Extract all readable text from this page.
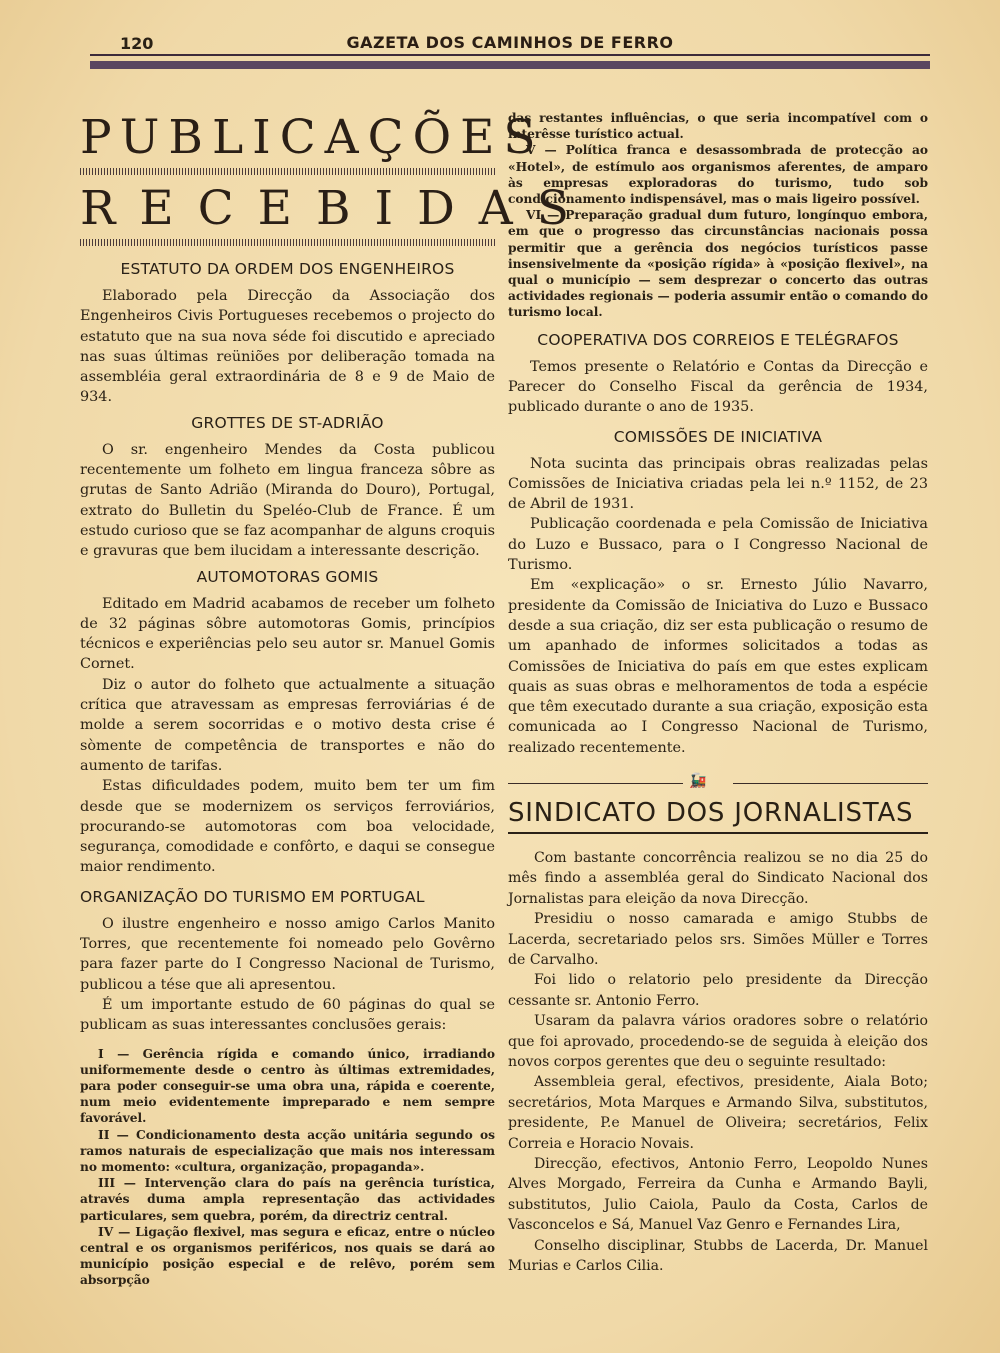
120	GAZETA DOS CAMINHOS DE FERRO
PUBLICAÇÕES
RECEBIDAS
ESTATUTO DA ORDEM DOS ENGENHEIROS

Elaborado pela Direcção da Associação dos Engenheiros Civis Portugueses recebemos o projecto do estatuto que na sua nova séde foi discutido e apreciado nas suas últimas reüniões por deliberação tomada na assembléia geral extraordinária de 8 e 9 de Maio de 934.

GROTTES DE ST-ADRIÃO

O sr. engenheiro Mendes da Costa publicou recentemente um folheto em lingua franceza sôbre as grutas de Santo Adrião (Miranda do Douro), Portugal, extrato do Bulletin du Speléo-Club de France. É um estudo curioso que se faz acompanhar de alguns croquis e gravuras que bem ilucidam a interessante descrição.

AUTOMOTORAS GOMIS

Editado em Madrid acabamos de receber um folheto de 32 páginas sôbre automotoras Gomis, princípios técnicos e experiências pelo seu autor sr. Manuel Gomis Cornet.

Diz o autor do folheto que actualmente a situação crítica que atravessam as empresas ferroviárias é de molde a serem socorridas e o motivo desta crise é sòmente de competência de transportes e não do aumento de tarifas.

Estas dificuldades podem, muito bem ter um fim desde que se modernizem os serviços ferroviários, procurando-se automotoras com boa velocidade, segurança, comodidade e confôrto, e daqui se consegue maior rendimento.

ORGANIZAÇÃO DO TURISMO EM PORTUGAL

O ilustre engenheiro e nosso amigo Carlos Manito Torres, que recentemente foi nomeado pelo Govêrno para fazer parte do I Congresso Nacional de Turismo, publicou a tése que ali apresentou.

É um importante estudo de 60 páginas do qual se publicam as suas interessantes conclusões gerais:

I — Gerência rígida e comando único, irradiando uniformemente desde o centro às últimas extremidades, para poder conseguir-se uma obra una, rápida e coerente, num meio evidentemente impreparado e nem sempre favorável.

II — Condicionamento desta acção unitária segundo os ramos naturais de especialização que mais nos interessam no momento: «cultura, organização, propaganda».

III — Intervenção clara do país na gerência turística, através duma ampla representação das actividades particulares, sem quebra, porém, da directriz central.

IV — Ligação flexivel, mas segura e eficaz, entre o núcleo central e os organismos periféricos, nos quais se dará ao município posição especial e de relêvo, porém sem absorpção

das restantes influências, o que seria incompatível com o interêsse turístico actual.

V — Política franca e desassombrada de protecção ao «Hotel», de estímulo aos organismos aferentes, de amparo às empresas exploradoras do turismo, tudo sob condicionamento indispensável, mas o mais ligeiro possível.

VI — Preparação gradual dum futuro, longínquo embora, em que o progresso das circunstâncias nacionais possa permitir que a gerência dos negócios turísticos passe insensivelmente da «posição rígida» à «posição flexivel», na qual o município — sem desprezar o concerto das outras actividades regionais — poderia assumir então o comando do turismo local.

COOPERATIVA DOS CORREIOS E TELÉGRAFOS

Temos presente o Relatório e Contas da Direcção e Parecer do Conselho Fiscal da gerência de 1934, publicado durante o ano de 1935.

COMISSÕES DE INICIATIVA

Nota sucinta das principais obras realizadas pelas Comissões de Iniciativa criadas pela lei n.º 1152, de 23 de Abril de 1931.

Publicação coordenada e pela Comissão de Iniciativa do Luzo e Bussaco, para o I Congresso Nacional de Turismo.

Em «explicação» o sr. Ernesto Júlio Navarro, presidente da Comissão de Iniciativa do Luzo e Bussaco desde a sua criação, diz ser esta publicação o resumo de um apanhado de informes solicitados a todas as Comissões de Iniciativa do país em que estes explicam quais as suas obras e melhoramentos de toda a espécie que têm executado durante a sua criação, exposição esta comunicada ao I Congresso Nacional de Turismo, realizado recentemente.

🚂
SINDICATO DOS JORNALISTAS

Com bastante concorrência realizou se no dia 25 do mês findo a assembléa geral do Sindicato Nacional dos Jornalistas para eleição da nova Direcção.

Presidiu o nosso camarada e amigo Stubbs de Lacerda, secretariado pelos srs. Simões Müller e Torres de Carvalho.

Foi lido o relatorio pelo presidente da Direcção cessante sr. Antonio Ferro.

Usaram da palavra vários oradores sobre o relatório que foi aprovado, procedendo-se de seguida à eleição dos novos corpos gerentes que deu o seguinte resultado:

Assembleia geral, efectivos, presidente, Aiala Boto; secretários, Mota Marques e Armando Silva, substitutos, presidente, P.e Manuel de Oliveira; secretários, Felix Correia e Horacio Novais.

Direcção, efectivos, Antonio Ferro, Leopoldo Nunes Alves Morgado, Ferreira da Cunha e Armando Bayli, substitutos, Julio Caiola, Paulo da Costa, Carlos de Vasconcelos e Sá, Manuel Vaz Genro e Fernandes Lira,

Conselho disciplinar, Stubbs de Lacerda, Dr. Manuel Murias e Carlos Cilia.
